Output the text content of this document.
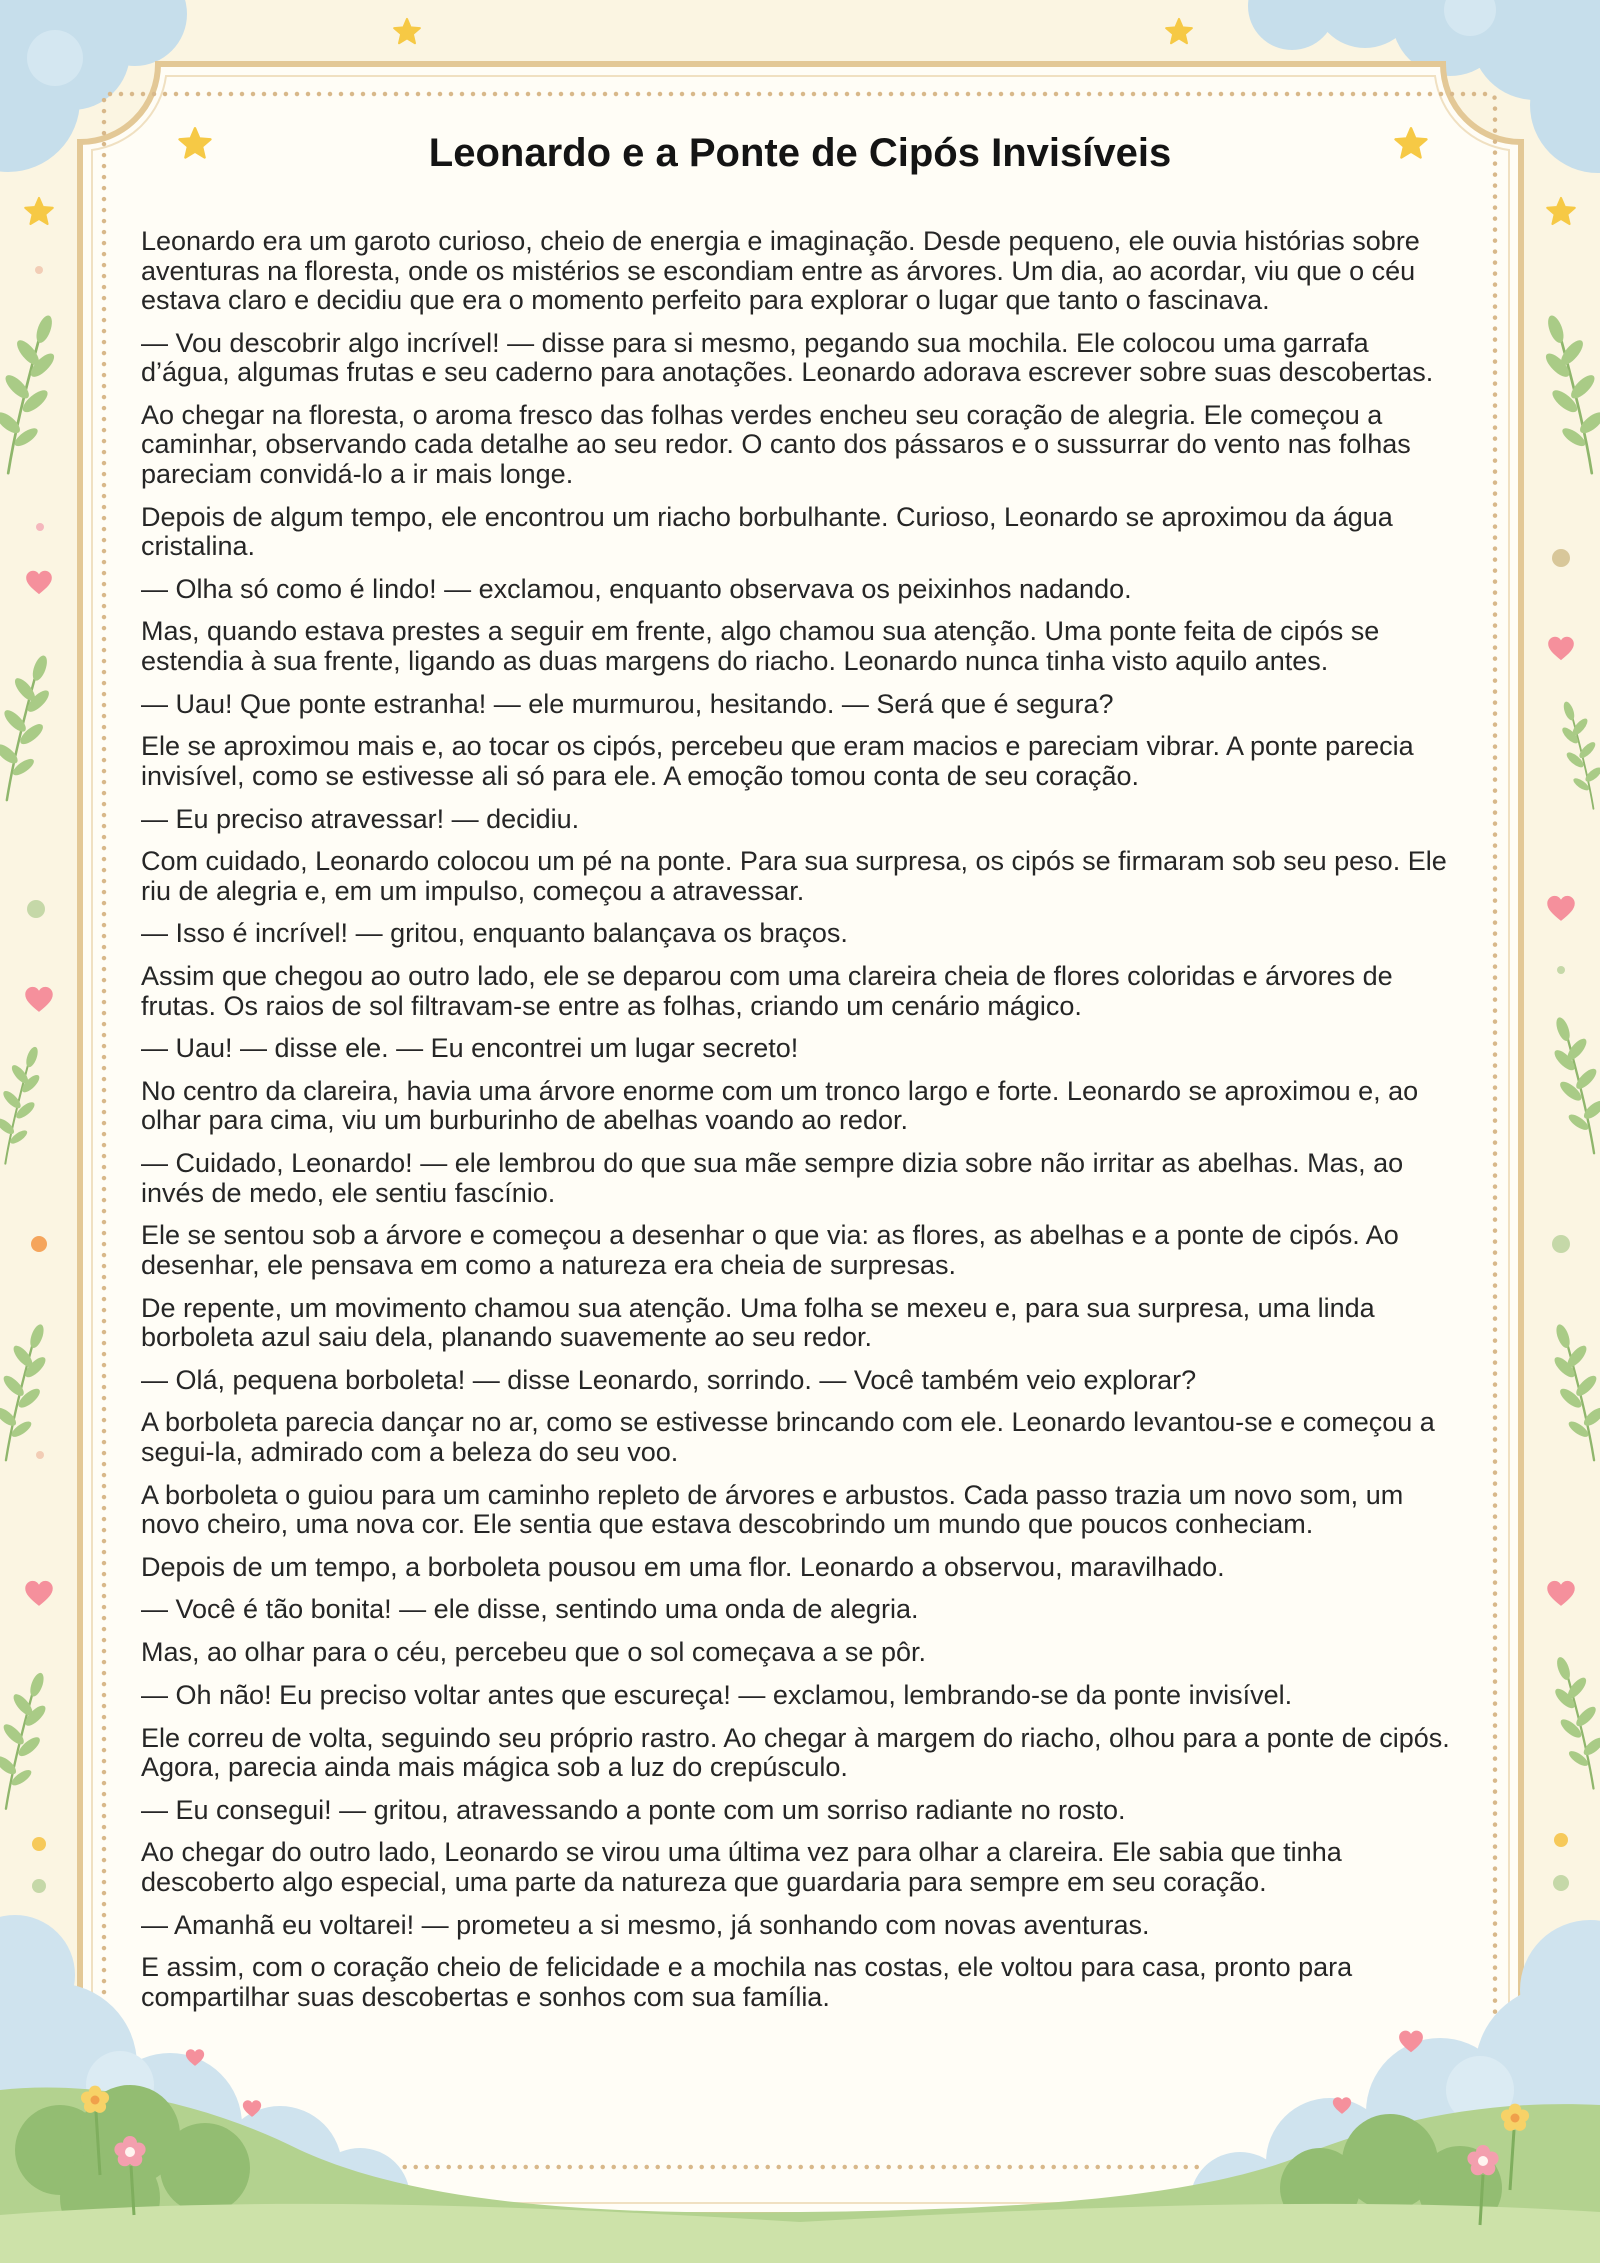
Leonardo e a Ponte de Cipós Invisíveis

Leonardo era um garoto curioso, cheio de energia e imaginação. Desde pequeno, ele ouvia histórias sobre aventuras na floresta, onde os mistérios se escondiam entre as árvores. Um dia, ao acordar, viu que o céu estava claro e decidiu que era o momento perfeito para explorar o lugar que tanto o fascinava.

— Vou descobrir algo incrível! — disse para si mesmo, pegando sua mochila. Ele colocou uma garrafa d’água, algumas frutas e seu caderno para anotações. Leonardo adorava escrever sobre suas descobertas.

Ao chegar na floresta, o aroma fresco das folhas verdes encheu seu coração de alegria. Ele começou a caminhar, observando cada detalhe ao seu redor. O canto dos pássaros e o sussurrar do vento nas folhas pareciam convidá-lo a ir mais longe.

Depois de algum tempo, ele encontrou um riacho borbulhante. Curioso, Leonardo se aproximou da água cristalina.

— Olha só como é lindo! — exclamou, enquanto observava os peixinhos nadando.

Mas, quando estava prestes a seguir em frente, algo chamou sua atenção. Uma ponte feita de cipós se estendia à sua frente, ligando as duas margens do riacho. Leonardo nunca tinha visto aquilo antes.

— Uau! Que ponte estranha! — ele murmurou, hesitando. — Será que é segura?

Ele se aproximou mais e, ao tocar os cipós, percebeu que eram macios e pareciam vibrar. A ponte parecia invisível, como se estivesse ali só para ele. A emoção tomou conta de seu coração.

— Eu preciso atravessar! — decidiu.

Com cuidado, Leonardo colocou um pé na ponte. Para sua surpresa, os cipós se firmaram sob seu peso. Ele riu de alegria e, em um impulso, começou a atravessar.

— Isso é incrível! — gritou, enquanto balançava os braços.

Assim que chegou ao outro lado, ele se deparou com uma clareira cheia de flores coloridas e árvores de frutas. Os raios de sol filtravam-se entre as folhas, criando um cenário mágico.

— Uau! — disse ele. — Eu encontrei um lugar secreto!

No centro da clareira, havia uma árvore enorme com um tronco largo e forte. Leonardo se aproximou e, ao olhar para cima, viu um burburinho de abelhas voando ao redor.

— Cuidado, Leonardo! — ele lembrou do que sua mãe sempre dizia sobre não irritar as abelhas. Mas, ao invés de medo, ele sentiu fascínio.

Ele se sentou sob a árvore e começou a desenhar o que via: as flores, as abelhas e a ponte de cipós. Ao desenhar, ele pensava em como a natureza era cheia de surpresas.

De repente, um movimento chamou sua atenção. Uma folha se mexeu e, para sua surpresa, uma linda borboleta azul saiu dela, planando suavemente ao seu redor.

— Olá, pequena borboleta! — disse Leonardo, sorrindo. — Você também veio explorar?

A borboleta parecia dançar no ar, como se estivesse brincando com ele. Leonardo levantou-se e começou a segui-la, admirado com a beleza do seu voo.

A borboleta o guiou para um caminho repleto de árvores e arbustos. Cada passo trazia um novo som, um novo cheiro, uma nova cor. Ele sentia que estava descobrindo um mundo que poucos conheciam.

Depois de um tempo, a borboleta pousou em uma flor. Leonardo a observou, maravilhado.

— Você é tão bonita! — ele disse, sentindo uma onda de alegria.

Mas, ao olhar para o céu, percebeu que o sol começava a se pôr.

— Oh não! Eu preciso voltar antes que escureça! — exclamou, lembrando-se da ponte invisível.

Ele correu de volta, seguindo seu próprio rastro. Ao chegar à margem do riacho, olhou para a ponte de cipós. Agora, parecia ainda mais mágica sob a luz do crepúsculo.

— Eu consegui! — gritou, atravessando a ponte com um sorriso radiante no rosto.

Ao chegar do outro lado, Leonardo se virou uma última vez para olhar a clareira. Ele sabia que tinha descoberto algo especial, uma parte da natureza que guardaria para sempre em seu coração.

— Amanhã eu voltarei! — prometeu a si mesmo, já sonhando com novas aventuras.

E assim, com o coração cheio de felicidade e a mochila nas costas, ele voltou para casa, pronto para compartilhar suas descobertas e sonhos com sua família.
